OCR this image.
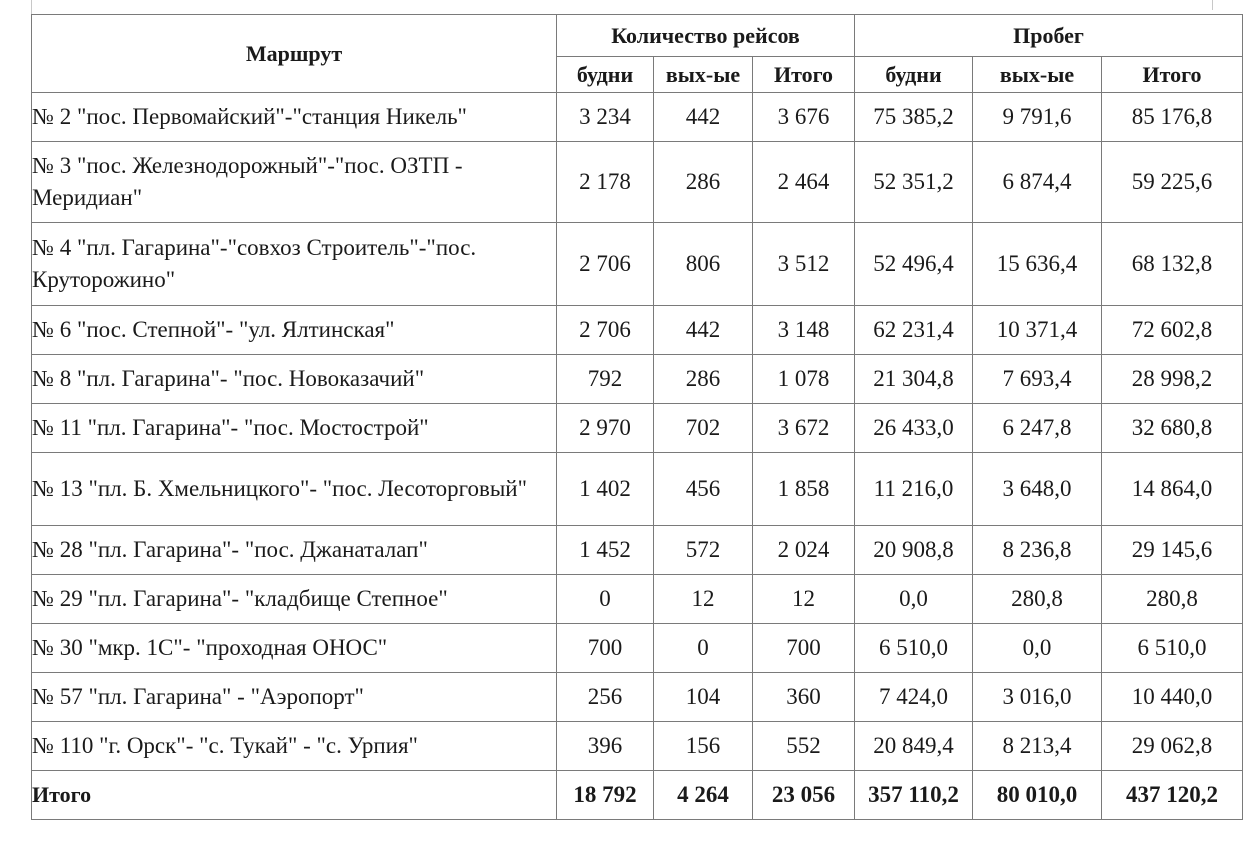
Маршрут	Количество рейсов			Пробег		
	будни	вых-ые	Итого	будни	вых-ые	Итого
№ 2 "пос. Первомайский"-"станция Никель"	3 234	442	3 676	75 385,2	9 791,6	85 176,8
№ 3 "пос. Железнодорожный"-"пос. ОЗТП - Меридиан"	2 178	286	2 464	52 351,2	6 874,4	59 225,6
№ 4 "пл. Гагарина"-"совхоз Строитель"-"пос. Круторожино"	2 706	806	3 512	52 496,4	15 636,4	68 132,8
№ 6 "пос. Степной"- "ул. Ялтинская"	2 706	442	3 148	62 231,4	10 371,4	72 602,8
№ 8 "пл. Гагарина"- "пос. Новоказачий"	792	286	1 078	21 304,8	7 693,4	28 998,2
№ 11 "пл. Гагарина"- "пос. Мостострой"	2 970	702	3 672	26 433,0	6 247,8	32 680,8
№ 13 "пл. Б. Хмельницкого"- "пос. Лесоторговый"	1 402	456	1 858	11 216,0	3 648,0	14 864,0
№ 28 "пл. Гагарина"- "пос. Джанаталап"	1 452	572	2 024	20 908,8	8 236,8	29 145,6
№ 29 "пл. Гагарина"- "кладбище Степное"	0	12	12	0,0	280,8	280,8
№ 30 "мкр. 1С"- "проходная ОНОС"	700	0	700	6 510,0	0,0	6 510,0
№ 57 "пл. Гагарина" - "Аэропорт"	256	104	360	7 424,0	3 016,0	10 440,0
№ 110 "г. Орск"- "с. Тукай" - "с. Урпия"	396	156	552	20 849,4	8 213,4	29 062,8
Итого	18 792	4 264	23 056	357 110,2	80 010,0	437 120,2
